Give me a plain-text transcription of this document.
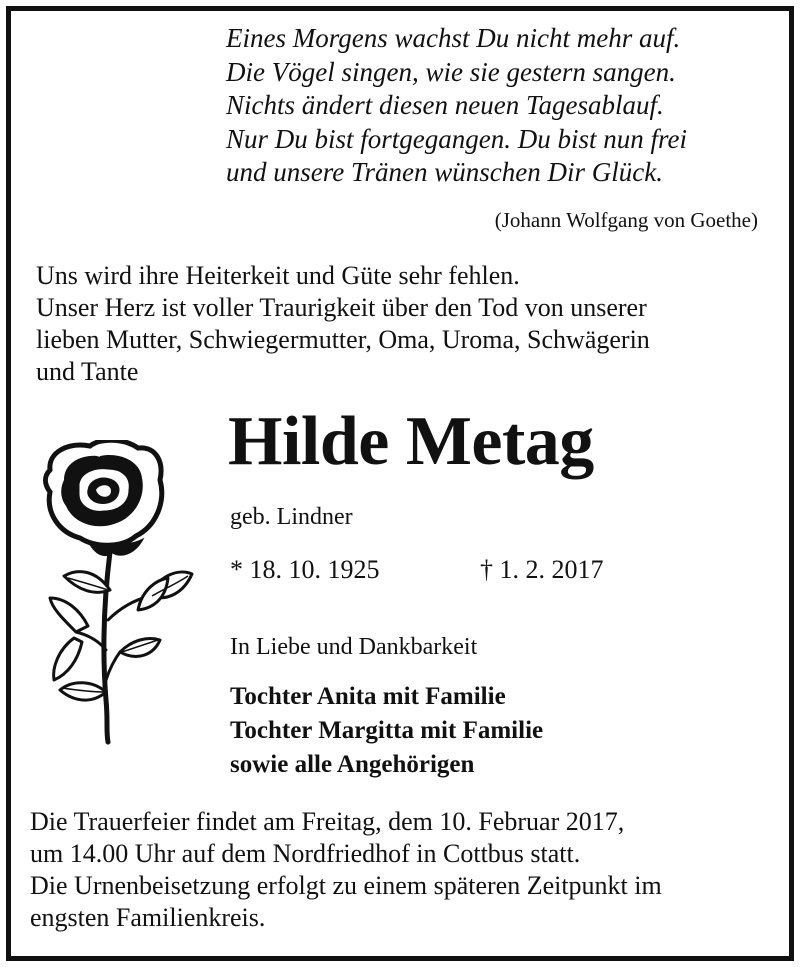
Eines Morgens wachst Du nicht mehr auf.
Die Vögel singen, wie sie gestern sangen.
Nichts ändert diesen neuen Tagesablauf.
Nur Du bist fortgegangen. Du bist nun frei
und unsere Tränen wünschen Dir Glück.
(Johann Wolfgang von Goethe)
Uns wird ihre Heiterkeit und Güte sehr fehlen.
Unser Herz ist voller Traurigkeit über den Tod von unserer
lieben Mutter, Schwiegermutter, Oma, Uroma, Schwägerin
und Tante
Hilde Metag
geb. Lindner
* 18. 10. 1925	† 1. 2. 2017
In Liebe und Dankbarkeit
Tochter Anita mit Familie
Tochter Margitta mit Familie
sowie alle Angehörigen
Die Trauerfeier findet am Freitag, dem 10. Februar 2017,
um 14.00 Uhr auf dem Nordfriedhof in Cottbus statt.
Die Urnenbeisetzung erfolgt zu einem späteren Zeitpunkt im
engsten Familienkreis.
